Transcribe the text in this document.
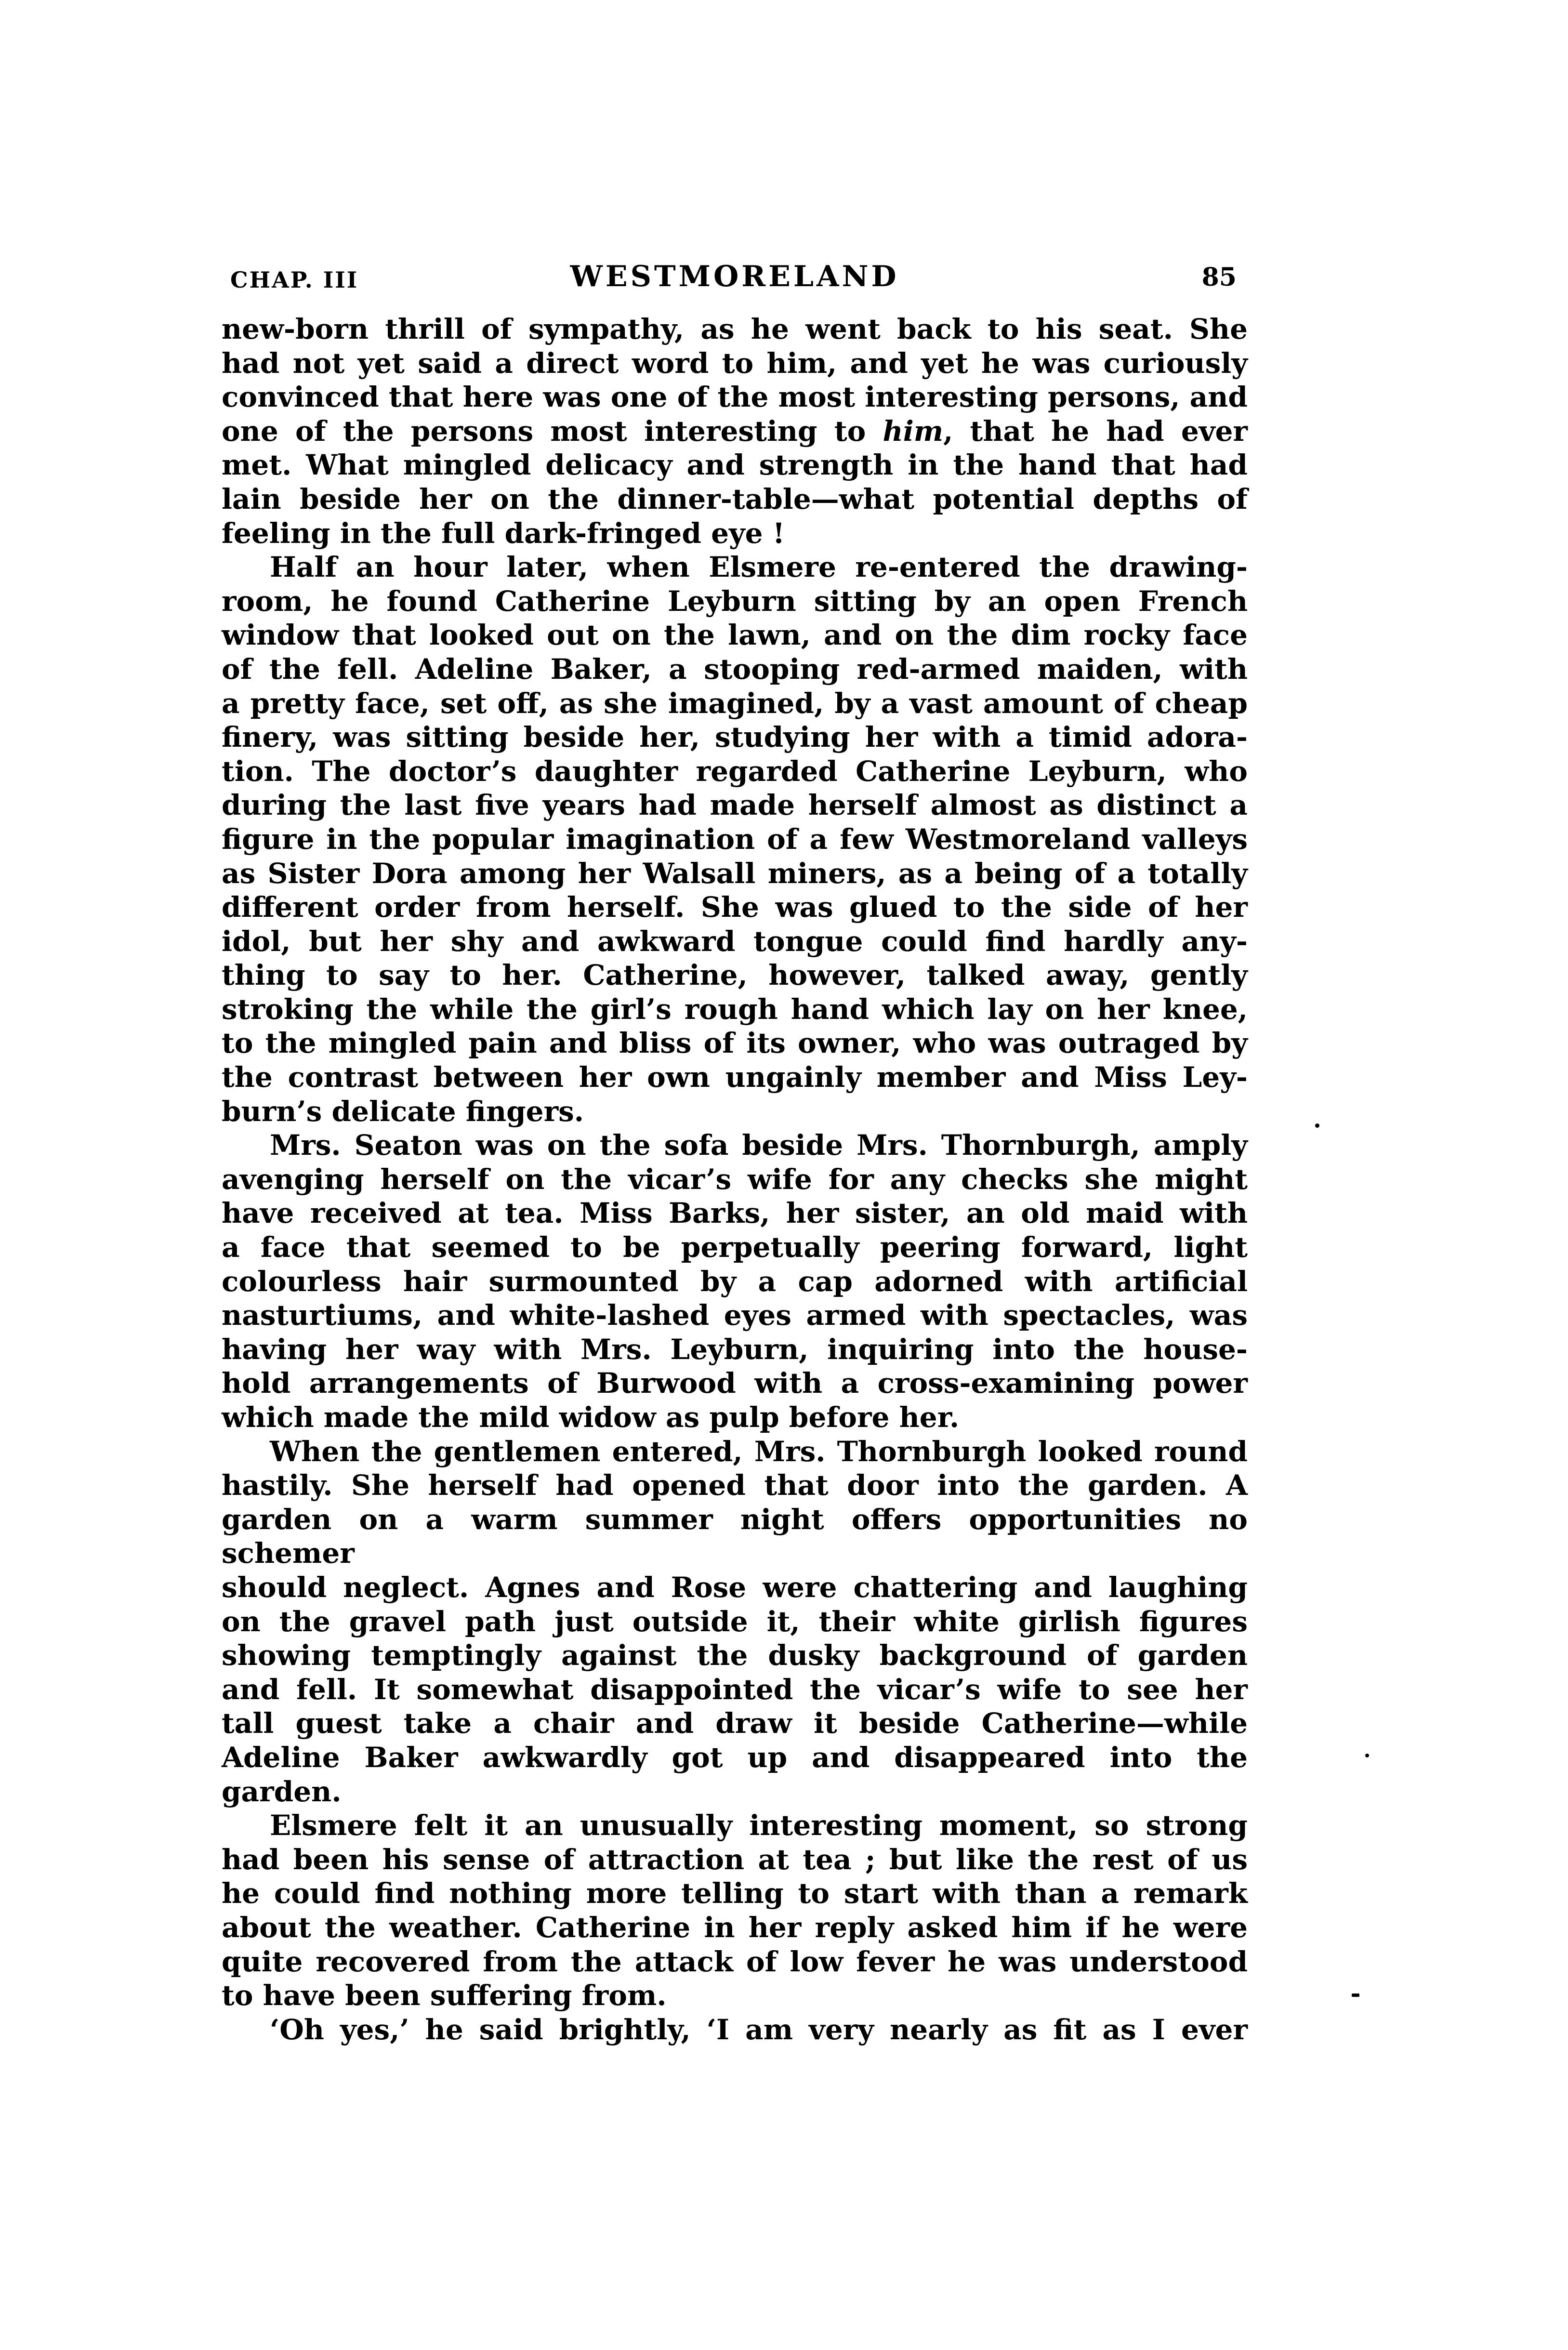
CHAP. III	WESTMORELAND	85
new-born thrill of sympathy, as he went back to his seat. She
had not yet said a direct word to him, and yet he was curiously
convinced that here was one of the most interesting persons, and
one of the persons most interesting to him, that he had ever
met. What mingled delicacy and strength in the hand that had
lain beside her on the dinner-table—what potential depths of
feeling in the full dark-fringed eye !
Half an hour later, when Elsmere re-entered the drawing-
room, he found Catherine Leyburn sitting by an open French
window that looked out on the lawn, and on the dim rocky face
of the fell. Adeline Baker, a stooping red-armed maiden, with
a pretty face, set off, as she imagined, by a vast amount of cheap
finery, was sitting beside her, studying her with a timid adora-
tion. The doctor’s daughter regarded Catherine Leyburn, who
during the last five years had made herself almost as distinct a
figure in the popular imagination of a few Westmoreland valleys
as Sister Dora among her Walsall miners, as a being of a totally
different order from herself. She was glued to the side of her
idol, but her shy and awkward tongue could find hardly any-
thing to say to her. Catherine, however, talked away, gently
stroking the while the girl’s rough hand which lay on her knee,
to the mingled pain and bliss of its owner, who was outraged by
the contrast between her own ungainly member and Miss Ley-
burn’s delicate fingers.
Mrs. Seaton was on the sofa beside Mrs. Thornburgh, amply
avenging herself on the vicar’s wife for any checks she might
have received at tea. Miss Barks, her sister, an old maid with
a face that seemed to be perpetually peering forward, light
colourless hair surmounted by a cap adorned with artificial
nasturtiums, and white-lashed eyes armed with spectacles, was
having her way with Mrs. Leyburn, inquiring into the house-
hold arrangements of Burwood with a cross-examining power
which made the mild widow as pulp before her.
When the gentlemen entered, Mrs. Thornburgh looked round
hastily. She herself had opened that door into the garden. A
garden on a warm summer night offers opportunities no schemer
should neglect. Agnes and Rose were chattering and laughing
on the gravel path just outside it, their white girlish figures
showing temptingly against the dusky background of garden
and fell. It somewhat disappointed the vicar’s wife to see her
tall guest take a chair and draw it beside Catherine—while
Adeline Baker awkwardly got up and disappeared into the
garden.
Elsmere felt it an unusually interesting moment, so strong
had been his sense of attraction at tea ; but like the rest of us
he could find nothing more telling to start with than a remark
about the weather. Catherine in her reply asked him if he were
quite recovered from the attack of low fever he was understood
to have been suffering from.
‘Oh yes,’ he said brightly, ‘I am very nearly as fit as I ever
